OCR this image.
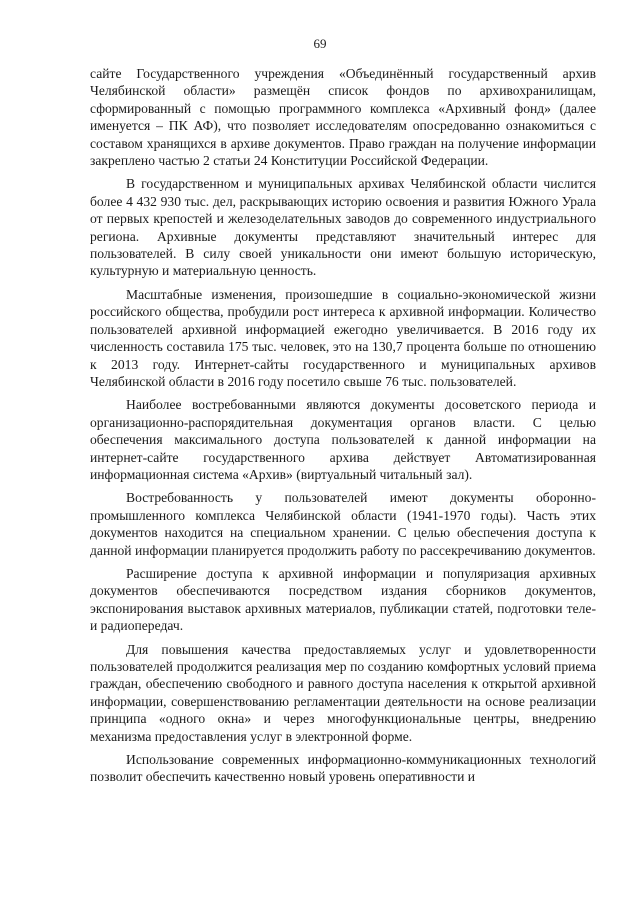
69

сайте Государственного учреждения «Объединённый государственный архив Челябинской области» размещён список фондов по архивохранилищам, сформированный с помощью программного комплекса «Архивный фонд» (далее именуется – ПК АФ), что позволяет исследователям опосредованно ознакомиться с составом хранящихся в архиве документов. Право граждан на получение информации закреплено частью 2 статьи 24 Конституции Российской Федерации.

В государственном и муниципальных архивах Челябинской области числится более 4 432 930 тыс. дел, раскрывающих историю освоения и развития Южного Урала от первых крепостей и железоделательных заводов до современного индустриального региона. Архивные документы представляют значительный интерес для пользователей. В силу своей уникальности они имеют большую историческую, культурную и материальную ценность.

Масштабные изменения, произошедшие в социально-экономической жизни российского общества, пробудили рост интереса к архивной информации. Количество пользователей архивной информацией ежегодно увеличивается. В 2016 году их численность составила 175 тыс. человек, это на 130,7 процента больше по отношению к 2013 году. Интернет-сайты государственного и муниципальных архивов Челябинской области в 2016 году посетило свыше 76 тыс. пользователей.

Наиболее востребованными являются документы досоветского периода и организационно-распорядительная документация органов власти. С целью обеспечения максимального доступа пользователей к данной информации на интернет-сайте государственного архива действует Автоматизированная информационная система «Архив» (виртуальный читальный зал).

Востребованность у пользователей имеют документы оборонно-промышленного комплекса Челябинской области (1941-1970 годы). Часть этих документов находится на специальном хранении. С целью обеспечения доступа к данной информации планируется продолжить работу по рассекречиванию документов.

Расширение доступа к архивной информации и популяризация архивных документов обеспечиваются посредством издания сборников документов, экспонирования выставок архивных материалов, публикации статей, подготовки теле- и радиопередач.

Для повышения качества предоставляемых услуг и удовлетворенности пользователей продолжится реализация мер по созданию комфортных условий приема граждан, обеспечению свободного и равного доступа населения к открытой архивной информации, совершенствованию регламентации деятельности на основе реализации принципа «одного окна» и через многофункциональные центры, внедрению механизма предоставления услуг в электронной форме.

Использование современных информационно-коммуникационных технологий позволит обеспечить качественно новый уровень оперативности и
